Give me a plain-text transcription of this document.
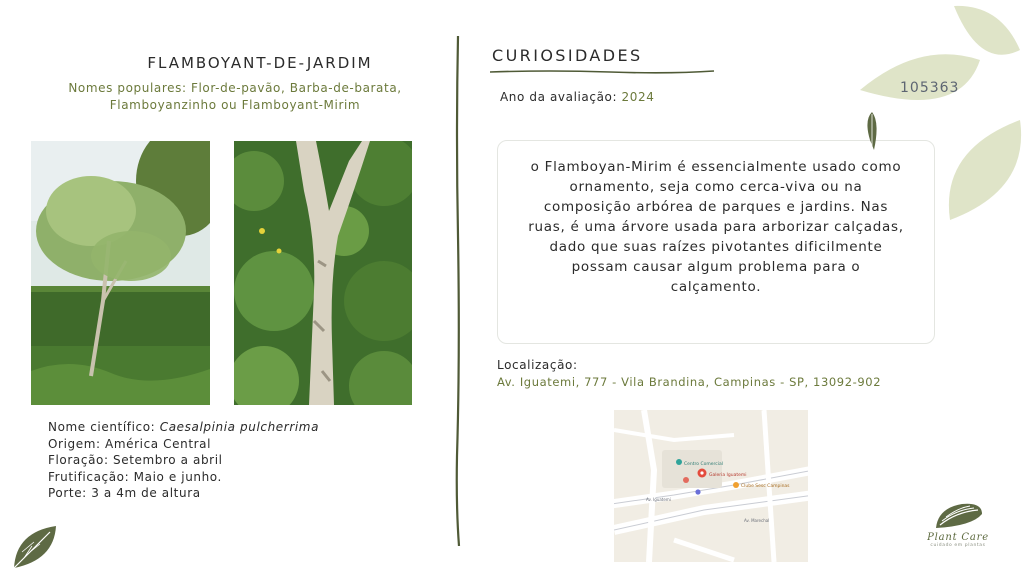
FLAMBOYANT-DE-JARDIM
Nomes populares: Flor-de-pavão, Barba-de-barata,
Flamboyanzinho ou Flamboyant-Mirim
Nome científico: Caesalpinia pulcherrima
Origem: América Central
Floração: Setembro a abril
Frutificação: Maio e junho.
Porte: 3 a 4m de altura
CURIOSIDADES
Ano da avaliação: 2024
o Flamboyan-Mirim é essencialmente usado como
ornamento, seja como cerca-viva ou na
composição arbórea de parques e jardins. Nas
ruas, é uma árvore usada para arborizar calçadas,
dado que suas raízes pivotantes dificilmente
possam causar algum problema para o
calçamento.
Localização:
Av. Iguatemi, 777 - Vila Brandina, Campinas - SP, 13092-902
Centro Comercial
Galeria Iguatemi
Clube Sesc Campinas
Av. Iguatemi
Av. Marechal
105363
Plant Care
cuidado em plantas
